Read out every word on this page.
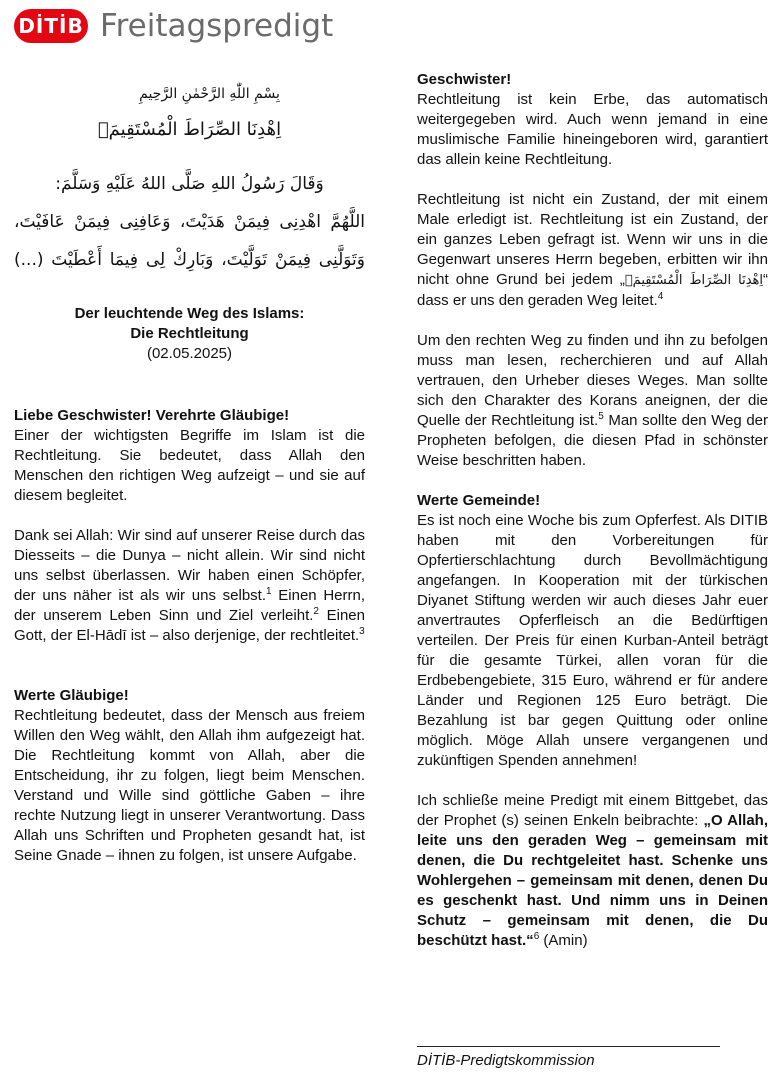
DİTİB Freitagspredigt
بِسْمِ اللّٰهِ الرَّحْمٰنِ الرَّحِيمِ
اِهْدِنَا الصِّرَاطَ الْمُسْتَقِيمَۙ
وَقَالَ رَسُولُ اللهِ صَلَّى اللهُ عَلَيْهِ وَسَلَّمَ:
اللَّهُمَّ اهْدِنِى فِيمَنْ هَدَيْتَ، وَعَافِنِى فِيمَنْ عَافَيْتَ،
وَتَوَلَّنِى فِيمَنْ تَوَلَّيْتَ، وَبَارِكْ لِى فِيمَا أَعْطَيْتَ (...)
Der leuchtende Weg des Islams:
Die Rechtleitung
(02.05.2025)

Liebe Geschwister! Verehrte Gläubige!

Einer der wichtigsten Begriffe im Islam ist die Rechtleitung. Sie bedeutet, dass Allah den Menschen den richtigen Weg aufzeigt – und sie auf diesem begleitet.

Dank sei Allah: Wir sind auf unserer Reise durch das Diesseits – die Dunya – nicht allein. Wir sind nicht uns selbst überlassen. Wir haben einen Schöpfer, der uns näher ist als wir uns selbst.$^1$ Einen Herrn, der unserem Leben Sinn und Ziel verleiht.$^2$ Einen Gott, der El-Hādī ist – also derjenige, der rechtleitet.$^3$

Werte Gläubige!

Rechtleitung bedeutet, dass der Mensch aus freiem Willen den Weg wählt, den Allah ihm aufgezeigt hat. Die Rechtleitung kommt von Allah, aber die Entscheidung, ihr zu folgen, liegt beim Menschen. Verstand und Wille sind göttliche Gaben – ihre rechte Nutzung liegt in unserer Verantwortung. Dass Allah uns Schriften und Propheten gesandt hat, ist Seine Gnade – ihnen zu folgen, ist unsere Aufgabe.

Geschwister!

Rechtleitung ist kein Erbe, das automatisch weitergegeben wird. Auch wenn jemand in eine muslimische Familie hineingeboren wird, garantiert das allein keine Rechtleitung.

Rechtleitung ist nicht ein Zustand, der mit einem Male erledigt ist. Rechtleitung ist ein Zustand, der ein ganzes Leben gefragt ist. Wenn wir uns in die Gegenwart unseres Herrn begeben, erbitten wir ihn nicht ohne Grund bei jedem „اِهْدِنَا الصِّرَاطَ الْمُسْتَقِيمَۙ“ dass er uns den geraden Weg leitet.$^4$

Um den rechten Weg zu finden und ihn zu befolgen muss man lesen, recherchieren und auf Allah vertrauen, den Urheber dieses Weges. Man sollte sich den Charakter des Korans aneignen, der die Quelle der Rechtleitung ist.$^5$ Man sollte den Weg der Propheten befolgen, die diesen Pfad in schönster Weise beschritten haben.

Werte Gemeinde!

Es ist noch eine Woche bis zum Opferfest. Als DITIB haben mit den Vorbereitungen für Opfertierschlachtung durch Bevollmächtigung angefangen. In Kooperation mit der türkischen Diyanet Stiftung werden wir auch dieses Jahr euer anvertrautes Opferfleisch an die Bedürftigen verteilen. Der Preis für einen Kurban-Anteil beträgt für die gesamte Türkei, allen voran für die Erdbebengebiete, 315 Euro, während er für andere Länder und Regionen 125 Euro beträgt. Die Bezahlung ist bar gegen Quittung oder online möglich. Möge Allah unsere vergangenen und zukünftigen Spenden annehmen!

Ich schließe meine Predigt mit einem Bittgebet, das der Prophet (s) seinen Enkeln beibrachte: „O Allah, leite uns den geraden Weg – gemeinsam mit denen, die Du rechtgeleitet hast. Schenke uns Wohlergehen – gemeinsam mit denen, denen Du es geschenkt hast. Und nimm uns in Deinen Schutz – gemeinsam mit denen, die Du beschützt hast.“$^6$ (Amin)

DİTİB-Predigtskommission
